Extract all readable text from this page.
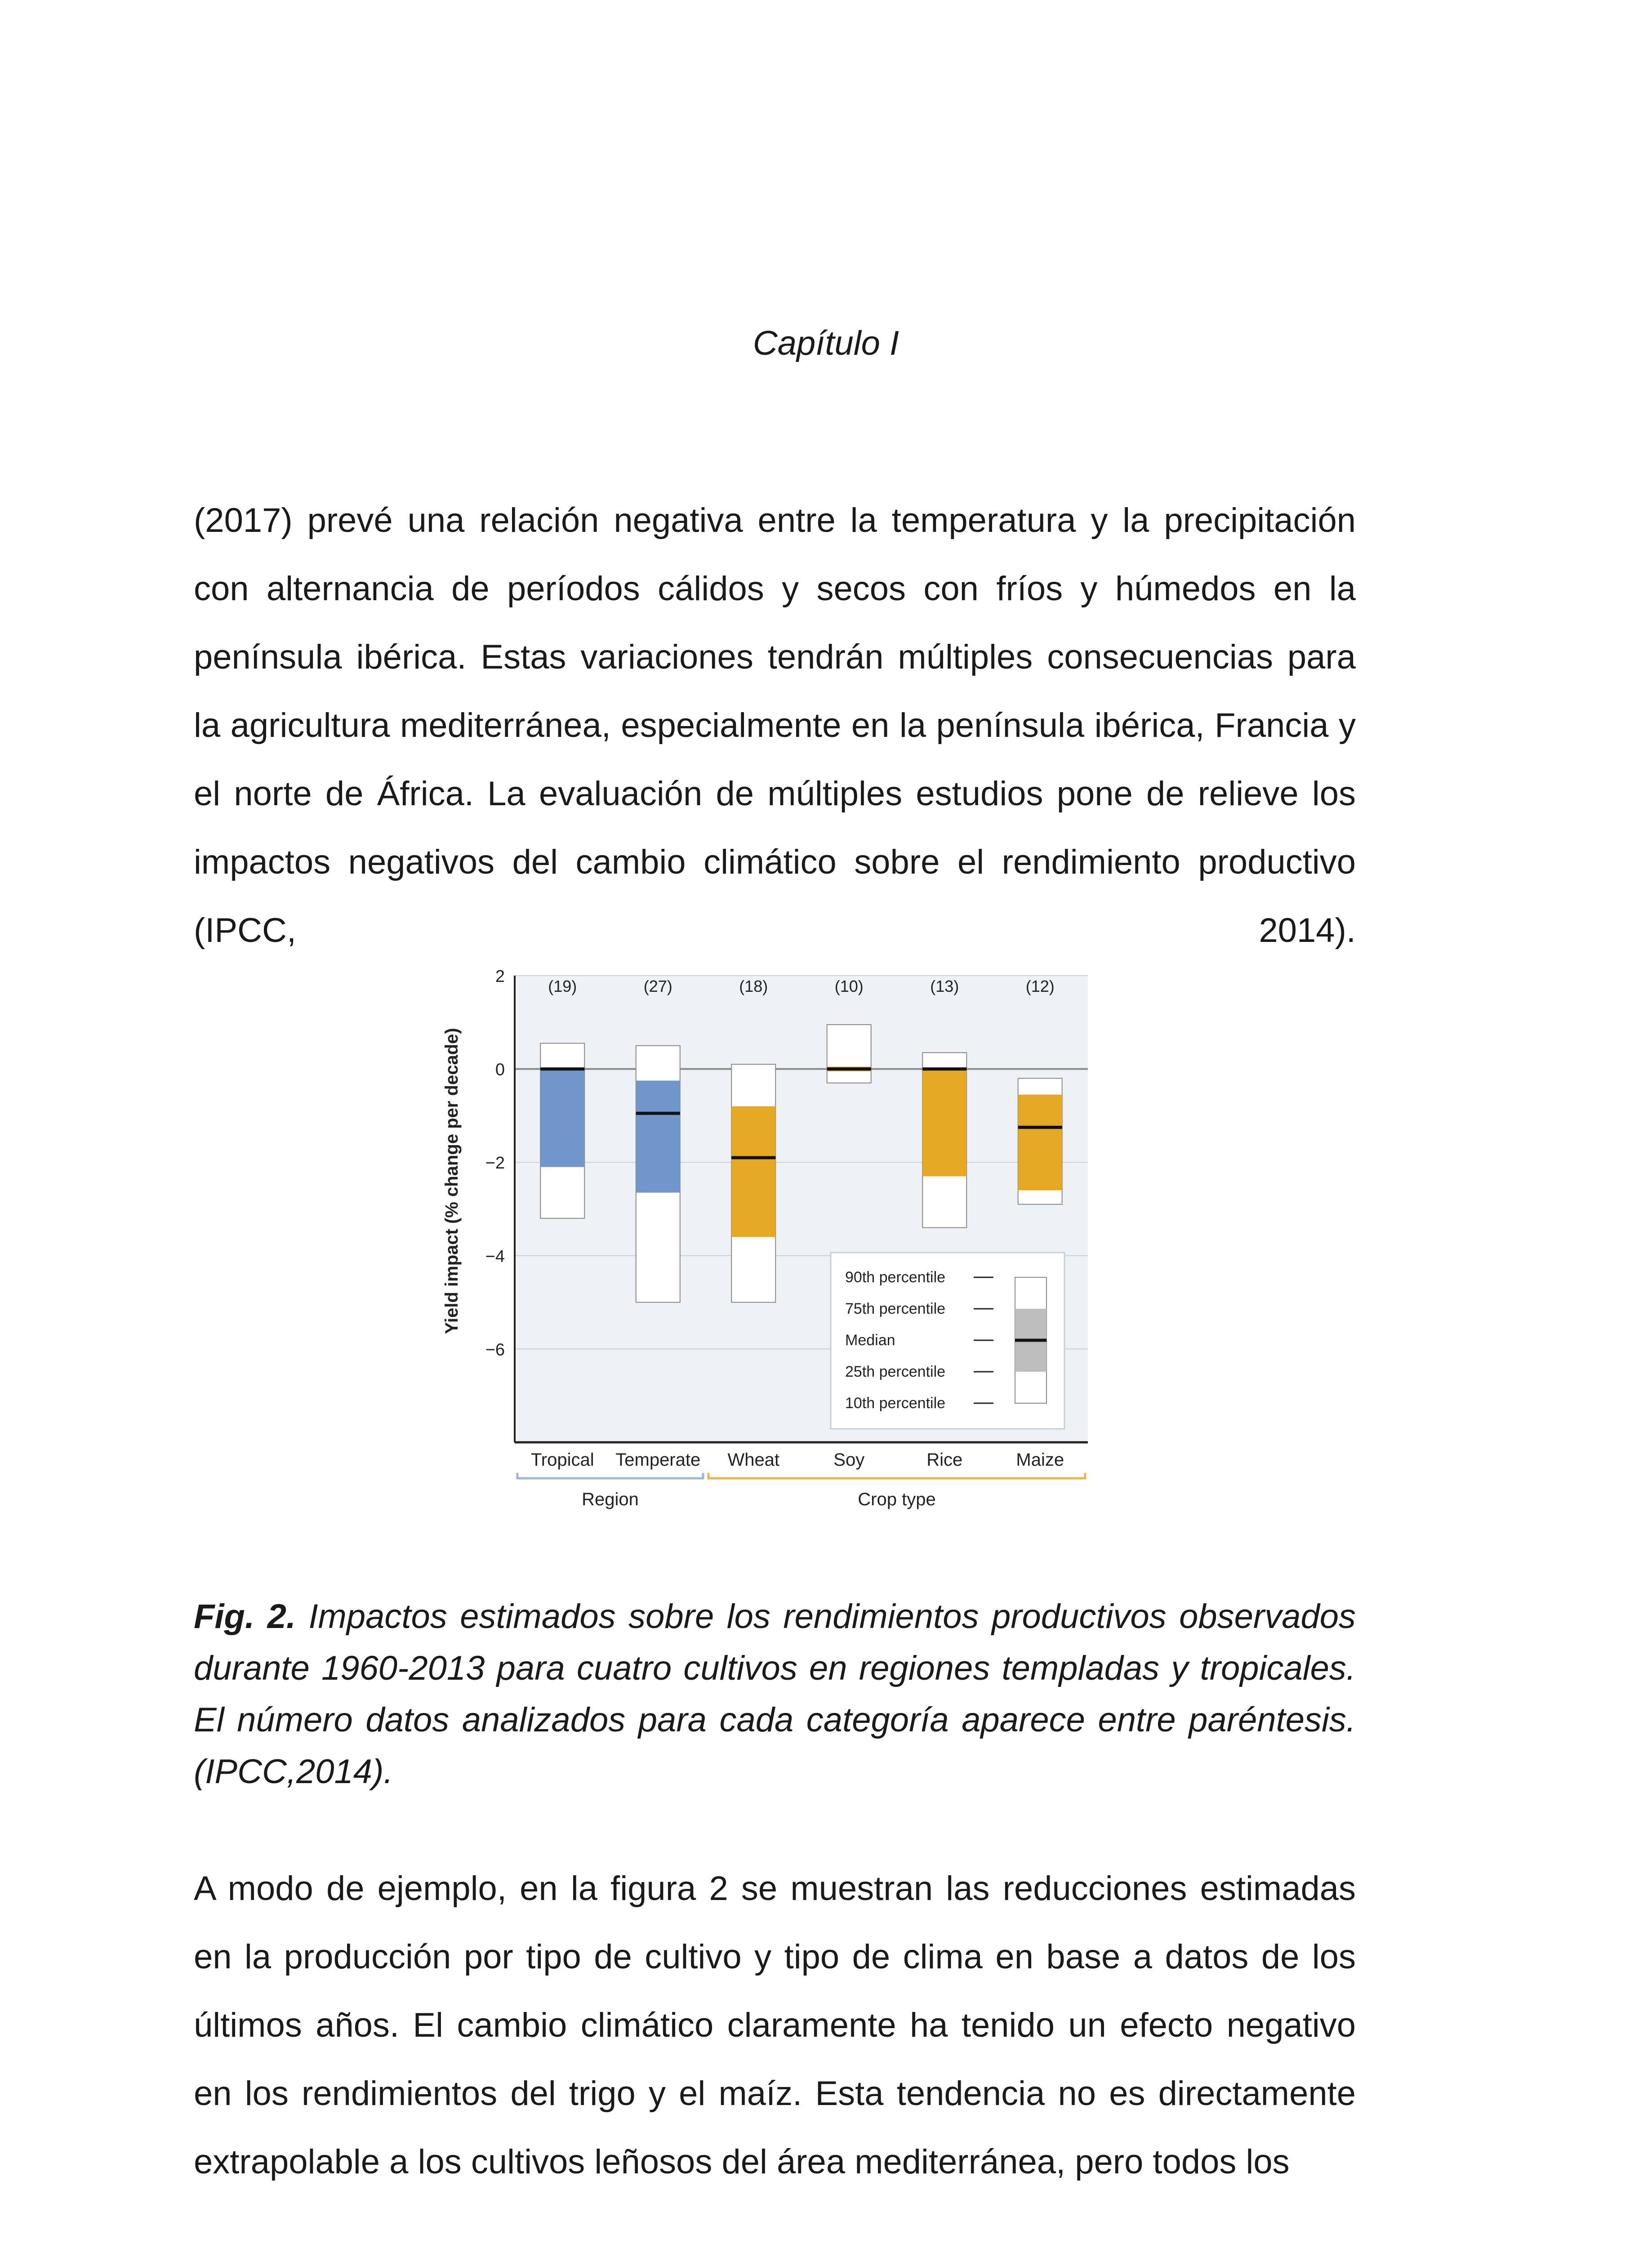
Capítulo I

(2017) prevé una relación negativa entre la temperatura y la precipitación con alternancia de períodos cálidos y secos con fríos y húmedos en la península ibérica. Estas variaciones tendrán múltiples consecuencias para la agricultura mediterránea, especialmente en la península ibérica, Francia y el norte de África. La evaluación de múltiples estudios pone de relieve los impactos negativos del cambio climático sobre el rendimiento productivo (IPCC, 2014).

2
0
−2
−4
−6
Yield impact (% change per decade)
(19)
Tropical
(27)
Temperate
(18)
Wheat
(10)
Soy
(13)
Rice
(12)
Maize
Region	Crop type
90th percentile
75th percentile
Median
25th percentile
10th percentile

Fig. 2. Impactos estimados sobre los rendimientos productivos observados durante 1960-2013 para cuatro cultivos en regiones templadas y tropicales. El número datos analizados para cada categoría aparece entre paréntesis. (IPCC,2014).

A modo de ejemplo, en la figura 2 se muestran las reducciones estimadas en la producción por tipo de cultivo y tipo de clima en base a datos de los últimos años. El cambio climático claramente ha tenido un efecto negativo en los rendimientos del trigo y el maíz. Esta tendencia no es directamente extrapolable a los cultivos leñosos del área mediterránea, pero todos los
